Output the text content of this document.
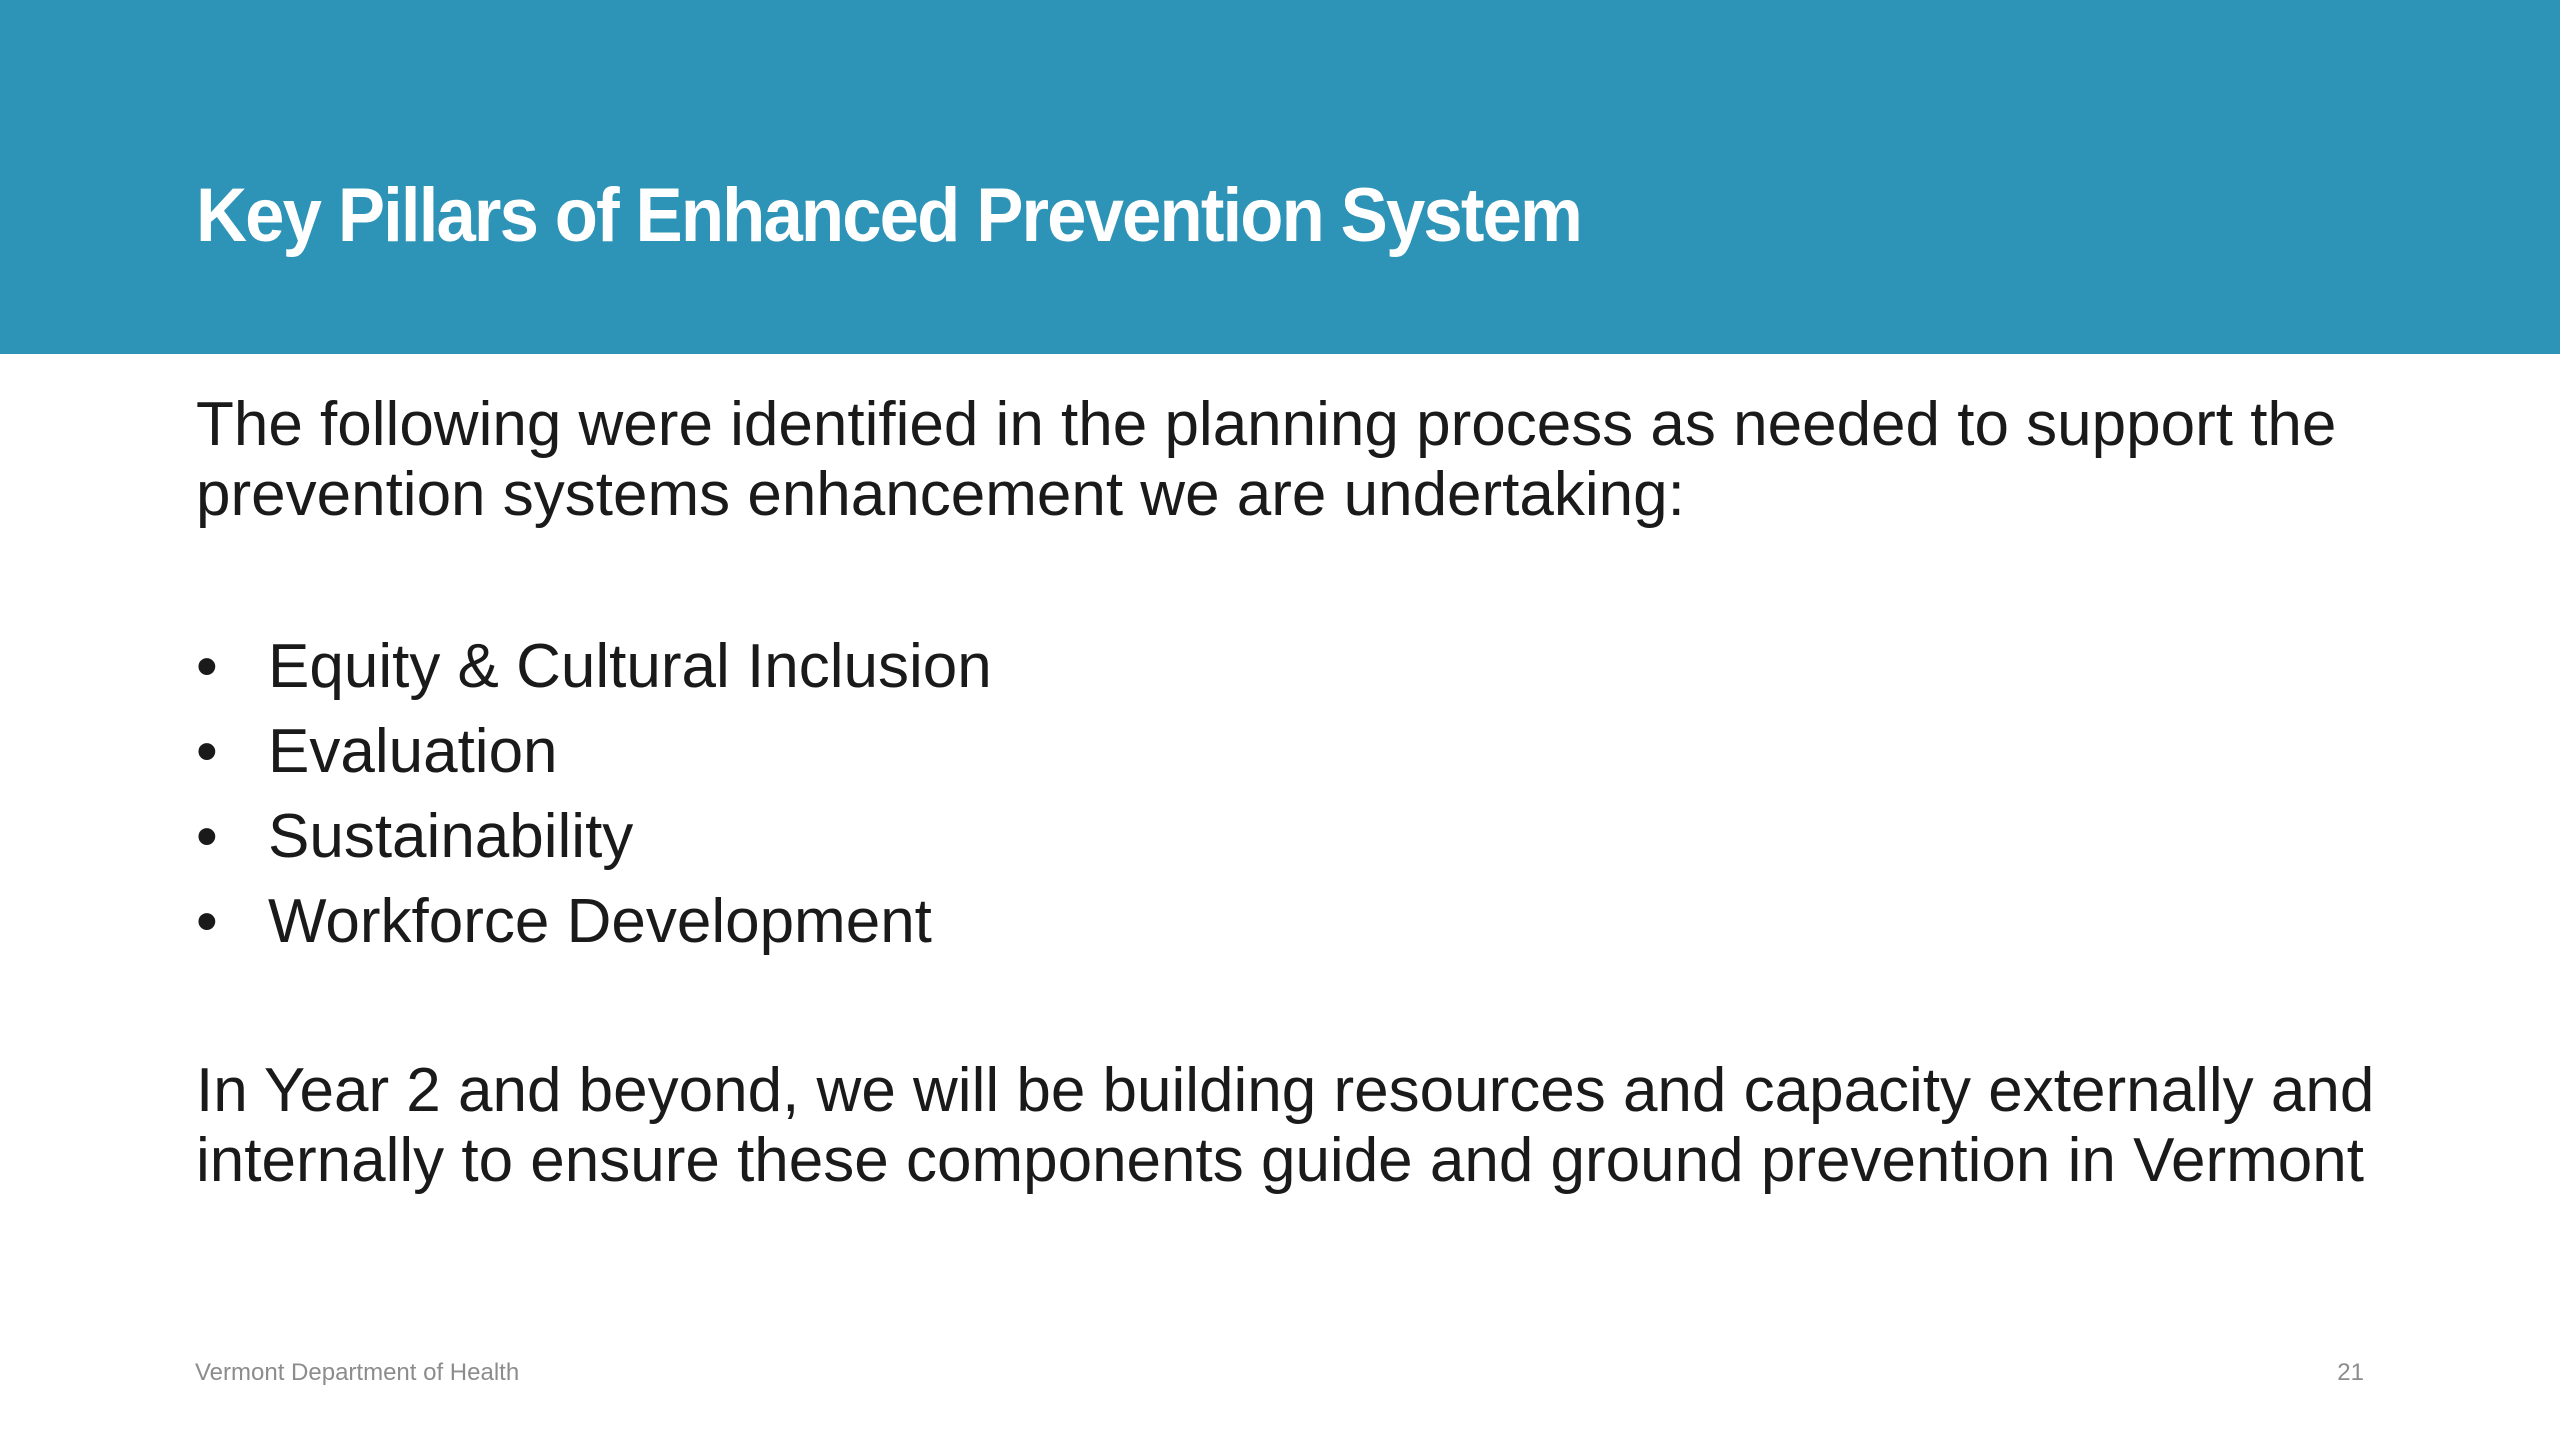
Key Pillars of Enhanced Prevention System

The following were identified in the planning process as needed to support the prevention systems enhancement we are undertaking:

• Equity & Cultural Inclusion
• Evaluation
• Sustainability
• Workforce Development

In Year 2 and beyond, we will be building resources and capacity externally and internally to ensure these components guide and ground prevention in Vermont

Vermont Department of Health	21
